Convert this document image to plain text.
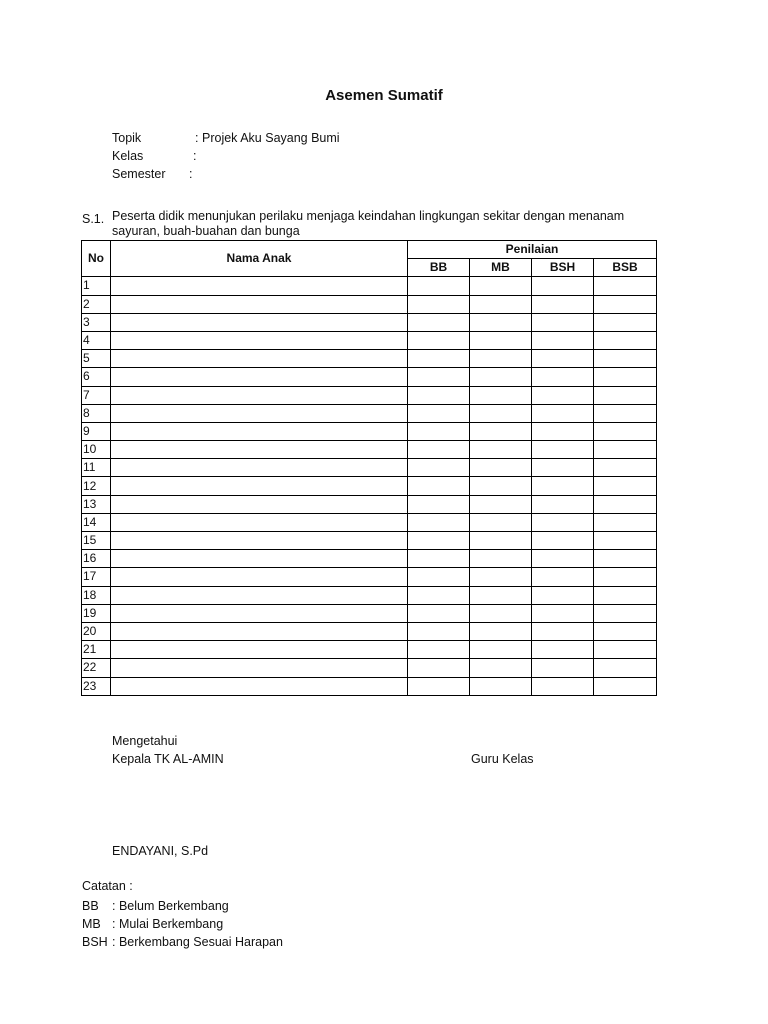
Asemen Sumatif
Topik	: Projek Aku Sayang Bumi
Kelas	:
Semester :
S.1. Peserta didik menunjukan perilaku menjaga keindahan lingkungan sekitar dengan menanam
sayuran, buah-buahan dan bunga
No	Nama Anak	Penilaian			
		BB	MB	BSH	BSB
1					
2					
3					
4					
5					
6					
7					
8					
9					
10					
11					
12					
13					
14					
15					
16					
17					
18					
19					
20					
21					
22					
23					
Mengetahui
Kepala TK AL-AMIN	Guru Kelas
ENDAYANI, S.Pd
Catatan :
BB : Belum Berkembang
MB : Mulai Berkembang
BSH : Berkembang Sesuai Harapan
